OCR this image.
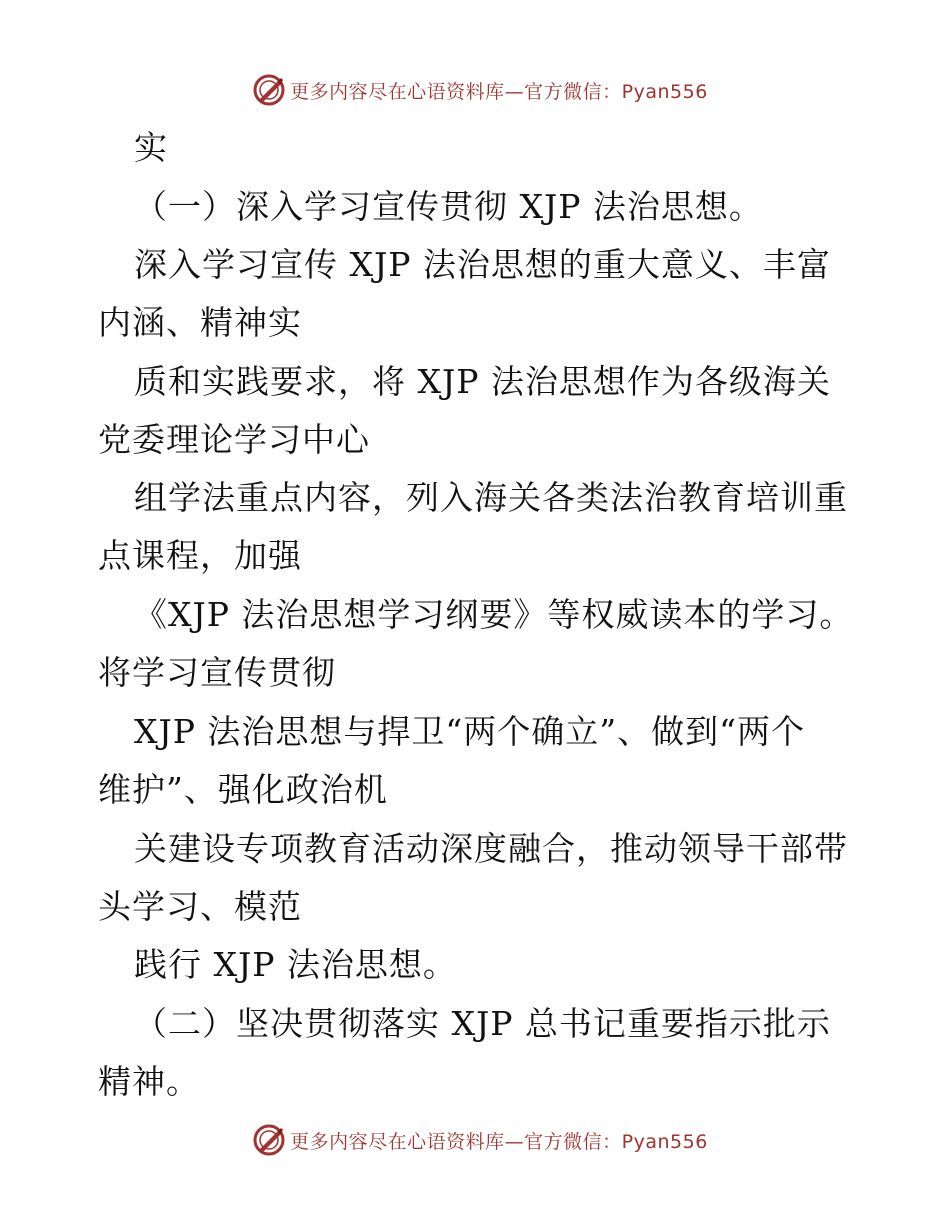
更多内容尽在心语资料库—官方微信：Pyan556
实
（一）深入学习宣传贯彻 XJP 法治思想。
深入学习宣传 XJP 法治思想的重大意义、丰富
内涵、精神实
质和实践要求，将 XJP 法治思想作为各级海关
党委理论学习中心
组学法重点内容，列入海关各类法治教育培训重
点课程，加强
《XJP 法治思想学习纲要》等权威读本的学习。
将学习宣传贯彻
XJP 法治思想与捍卫“两个确立”、做到“两个
维护”、强化政治机
关建设专项教育活动深度融合，推动领导干部带
头学习、模范
践行 XJP 法治思想。
（二）坚决贯彻落实 XJP 总书记重要指示批示
精神。
更多内容尽在心语资料库—官方微信：Pyan556
